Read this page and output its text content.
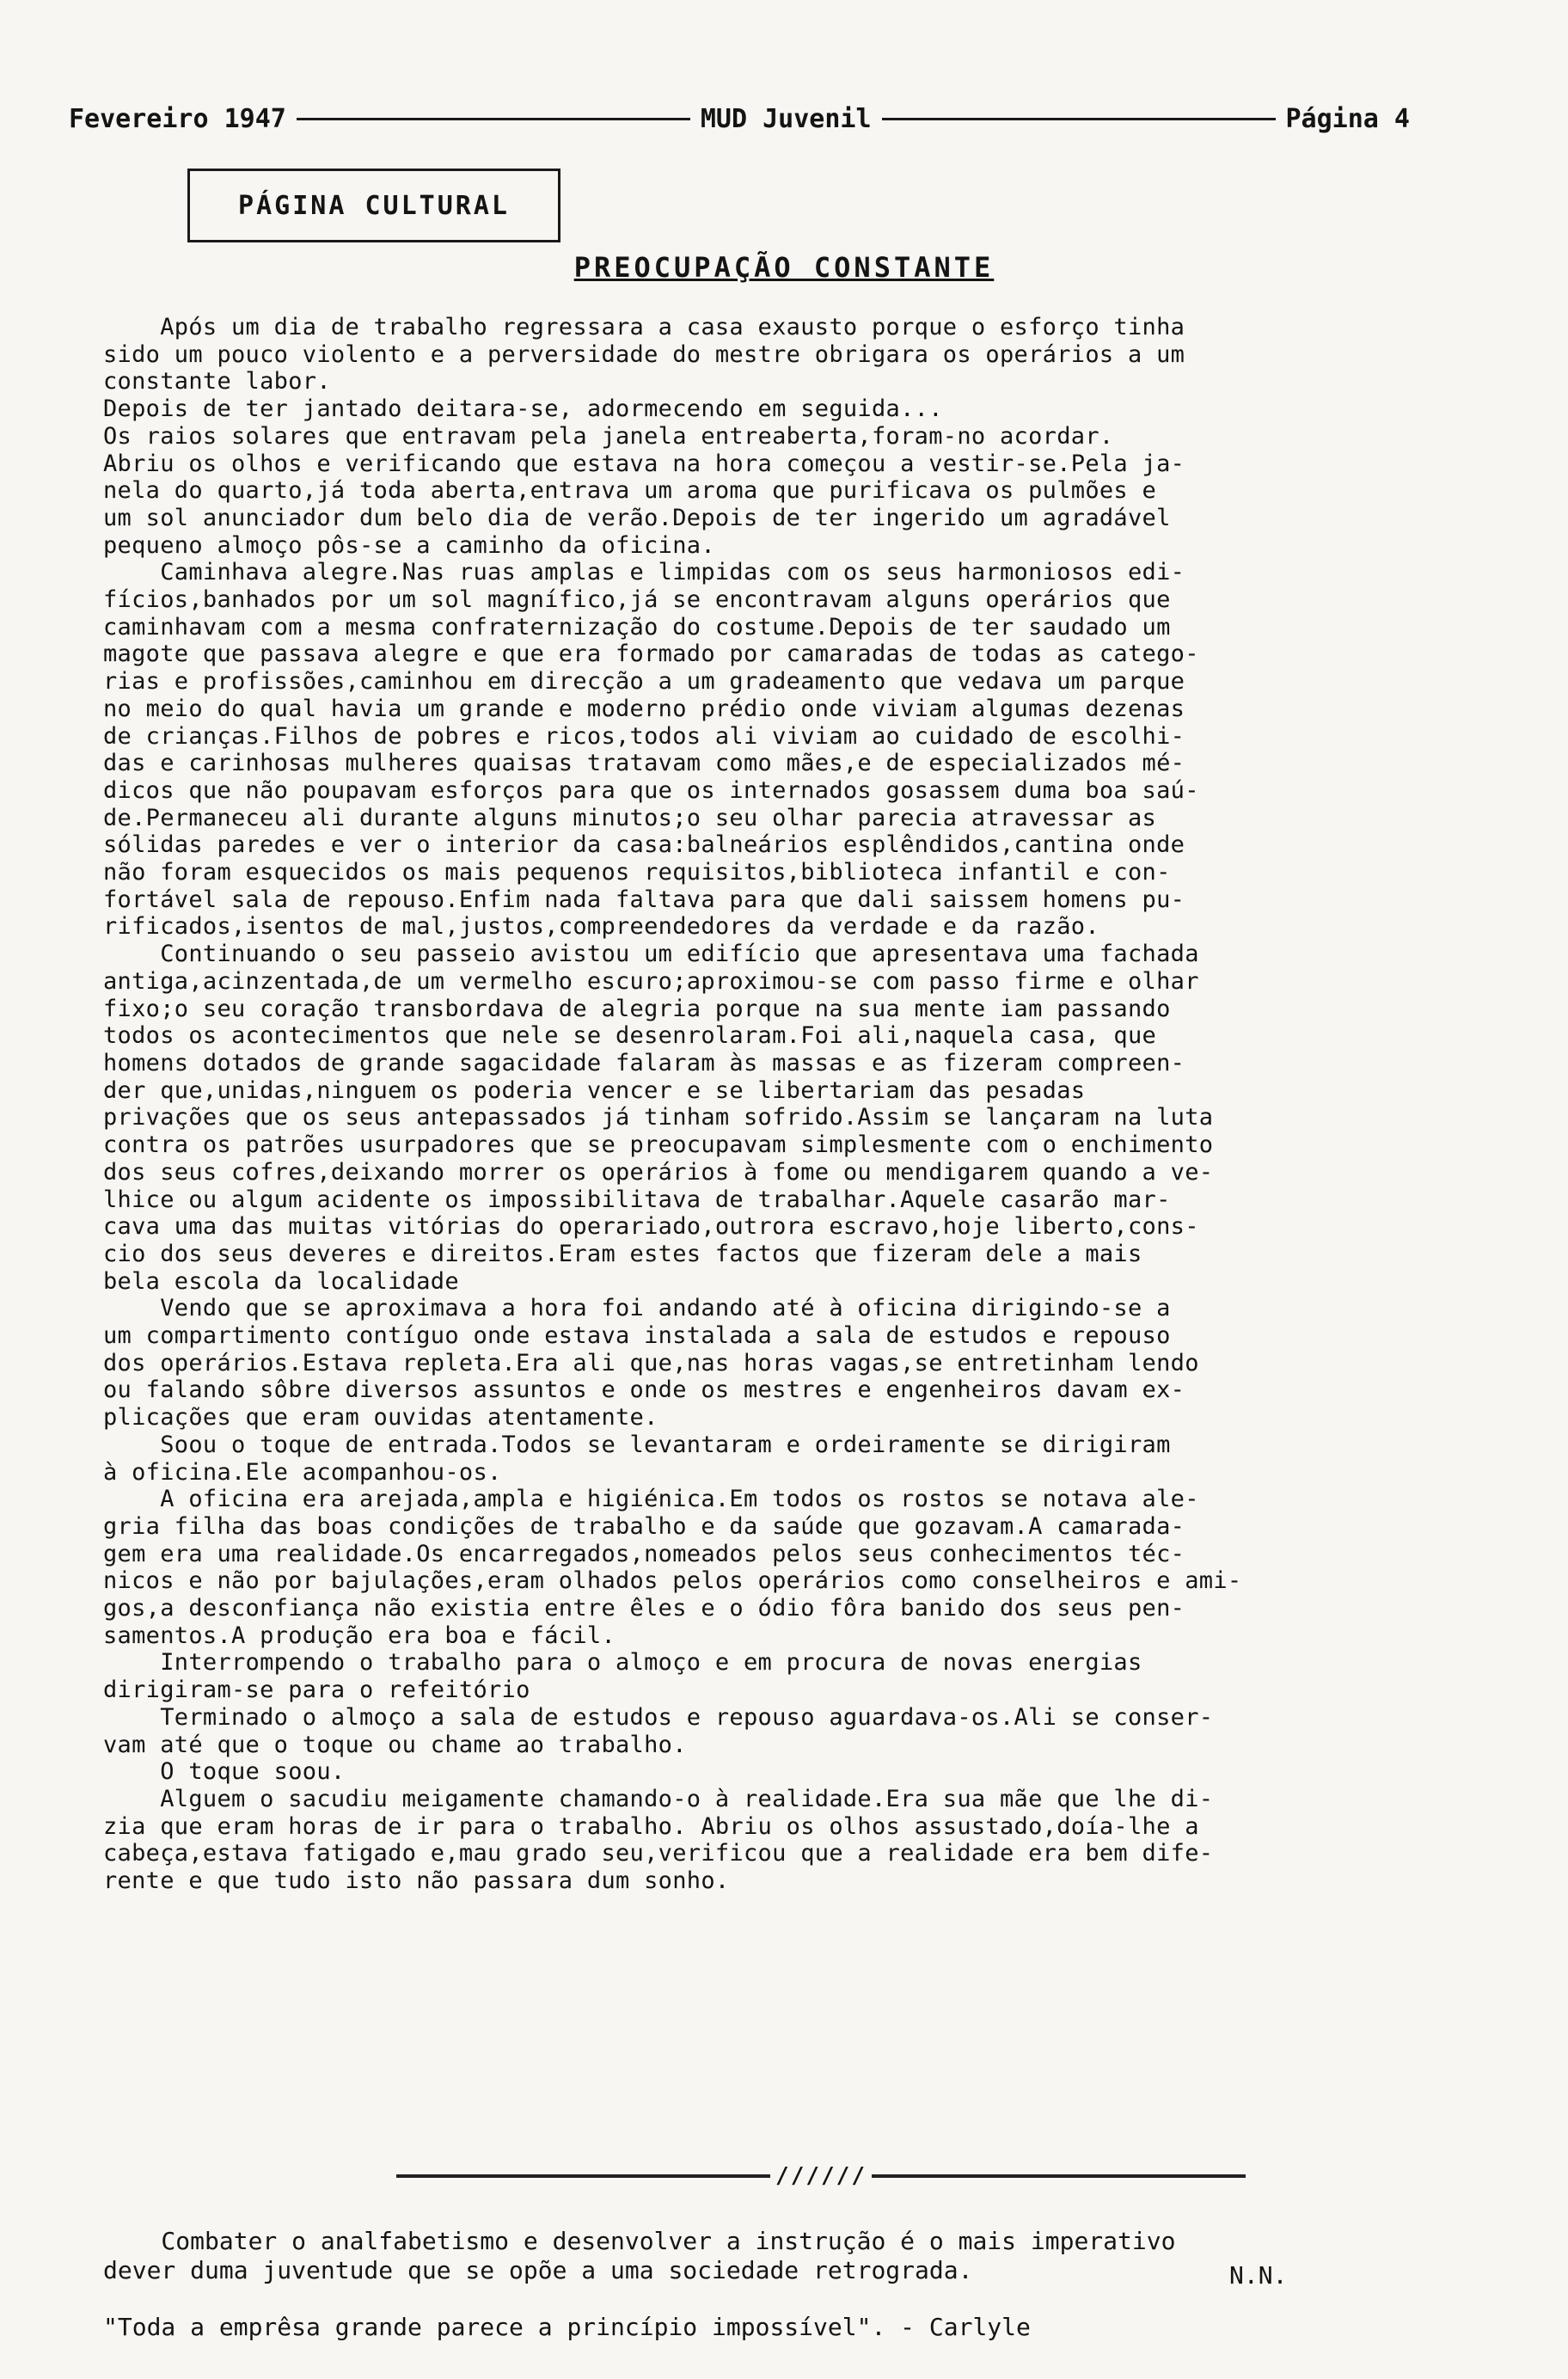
Fevereiro 1947	MUD Juvenil	Página 4
PÁGINA CULTURAL
PREOCUPAÇÃO CONSTANTE

Após um dia de trabalho regressara a casa exausto porque o esforço tinha

sido um pouco violento e a perversidade do mestre obrigara os operários a um

constante labor.

Depois de ter jantado deitara-se, adormecendo em seguida...

Os raios solares que entravam pela janela entreaberta,foram-no acordar.

Abriu os olhos e verificando que estava na hora começou a vestir-se.Pela ja-

nela do quarto,já toda aberta,entrava um aroma que purificava os pulmões e

um sol anunciador dum belo dia de verão.Depois de ter ingerido um agradável

pequeno almoço pôs-se a caminho da oficina.

Caminhava alegre.Nas ruas amplas e limpidas com os seus harmoniosos edi-

fícios,banhados por um sol magnífico,já se encontravam alguns operários que

caminhavam com a mesma confraternização do costume.Depois de ter saudado um

magote que passava alegre e que era formado por camaradas de todas as catego-

rias e profissões,caminhou em direcção a um gradeamento que vedava um parque

no meio do qual havia um grande e moderno prédio onde viviam algumas dezenas

de crianças.Filhos de pobres e ricos,todos ali viviam ao cuidado de escolhi-

das e carinhosas mulheres quaisas tratavam como mães,e de especializados mé-

dicos que não poupavam esforços para que os internados gosassem duma boa saú-

de.Permaneceu ali durante alguns minutos;o seu olhar parecia atravessar as

sólidas paredes e ver o interior da casa:balneários esplêndidos,cantina onde

não foram esquecidos os mais pequenos requisitos,biblioteca infantil e con-

fortável sala de repouso.Enfim nada faltava para que dali saissem homens pu-

rificados,isentos de mal,justos,compreendedores da verdade e da razão.

Continuando o seu passeio avistou um edifício que apresentava uma fachada

antiga,acinzentada,de um vermelho escuro;aproximou-se com passo firme e olhar

fixo;o seu coração transbordava de alegria porque na sua mente iam passando

todos os acontecimentos que nele se desenrolaram.Foi ali,naquela casa, que

homens dotados de grande sagacidade falaram às massas e as fizeram compreen-

der que,unidas,ninguem os poderia vencer e se libertariam das pesadas

privações que os seus antepassados já tinham sofrido.Assim se lançaram na luta

contra os patrões usurpadores que se preocupavam simplesmente com o enchimento

dos seus cofres,deixando morrer os operários à fome ou mendigarem quando a ve-

lhice ou algum acidente os impossibilitava de trabalhar.Aquele casarão mar-

cava uma das muitas vitórias do operariado,outrora escravo,hoje liberto,cons-

cio dos seus deveres e direitos.Eram estes factos que fizeram dele a mais

bela escola da localidade

Vendo que se aproximava a hora foi andando até à oficina dirigindo-se a

um compartimento contíguo onde estava instalada a sala de estudos e repouso

dos operários.Estava repleta.Era ali que,nas horas vagas,se entretinham lendo

ou falando sôbre diversos assuntos e onde os mestres e engenheiros davam ex-

plicações que eram ouvidas atentamente.

Soou o toque de entrada.Todos se levantaram e ordeiramente se dirigiram

à oficina.Ele acompanhou-os.

A oficina era arejada,ampla e higiénica.Em todos os rostos se notava ale-

gria filha das boas condições de trabalho e da saúde que gozavam.A camarada-

gem era uma realidade.Os encarregados,nomeados pelos seus conhecimentos téc-

nicos e não por bajulações,eram olhados pelos operários como conselheiros e ami-

gos,a desconfiança não existia entre êles e o ódio fôra banido dos seus pen-

samentos.A produção era boa e fácil.

Interrompendo o trabalho para o almoço e em procura de novas energias

dirigiram-se para o refeitório

Terminado o almoço a sala de estudos e repouso aguardava-os.Ali se conser-

vam até que o toque ou chame ao trabalho.

O toque soou.

Alguem o sacudiu meigamente chamando-o à realidade.Era sua mãe que lhe di-

zia que eram horas de ir para o trabalho. Abriu os olhos assustado,doía-lhe a

cabeça,estava fatigado e,mau grado seu,verificou que a realidade era bem dife-

rente e que tudo isto não passara dum sonho.

//////
Combater o analfabetismo e desenvolver a instrução é o mais imperativo
dever duma juventude que se opõe a uma sociedade retrograda.	N.N.
"Toda a emprêsa grande parece a princípio impossível". - Carlyle
